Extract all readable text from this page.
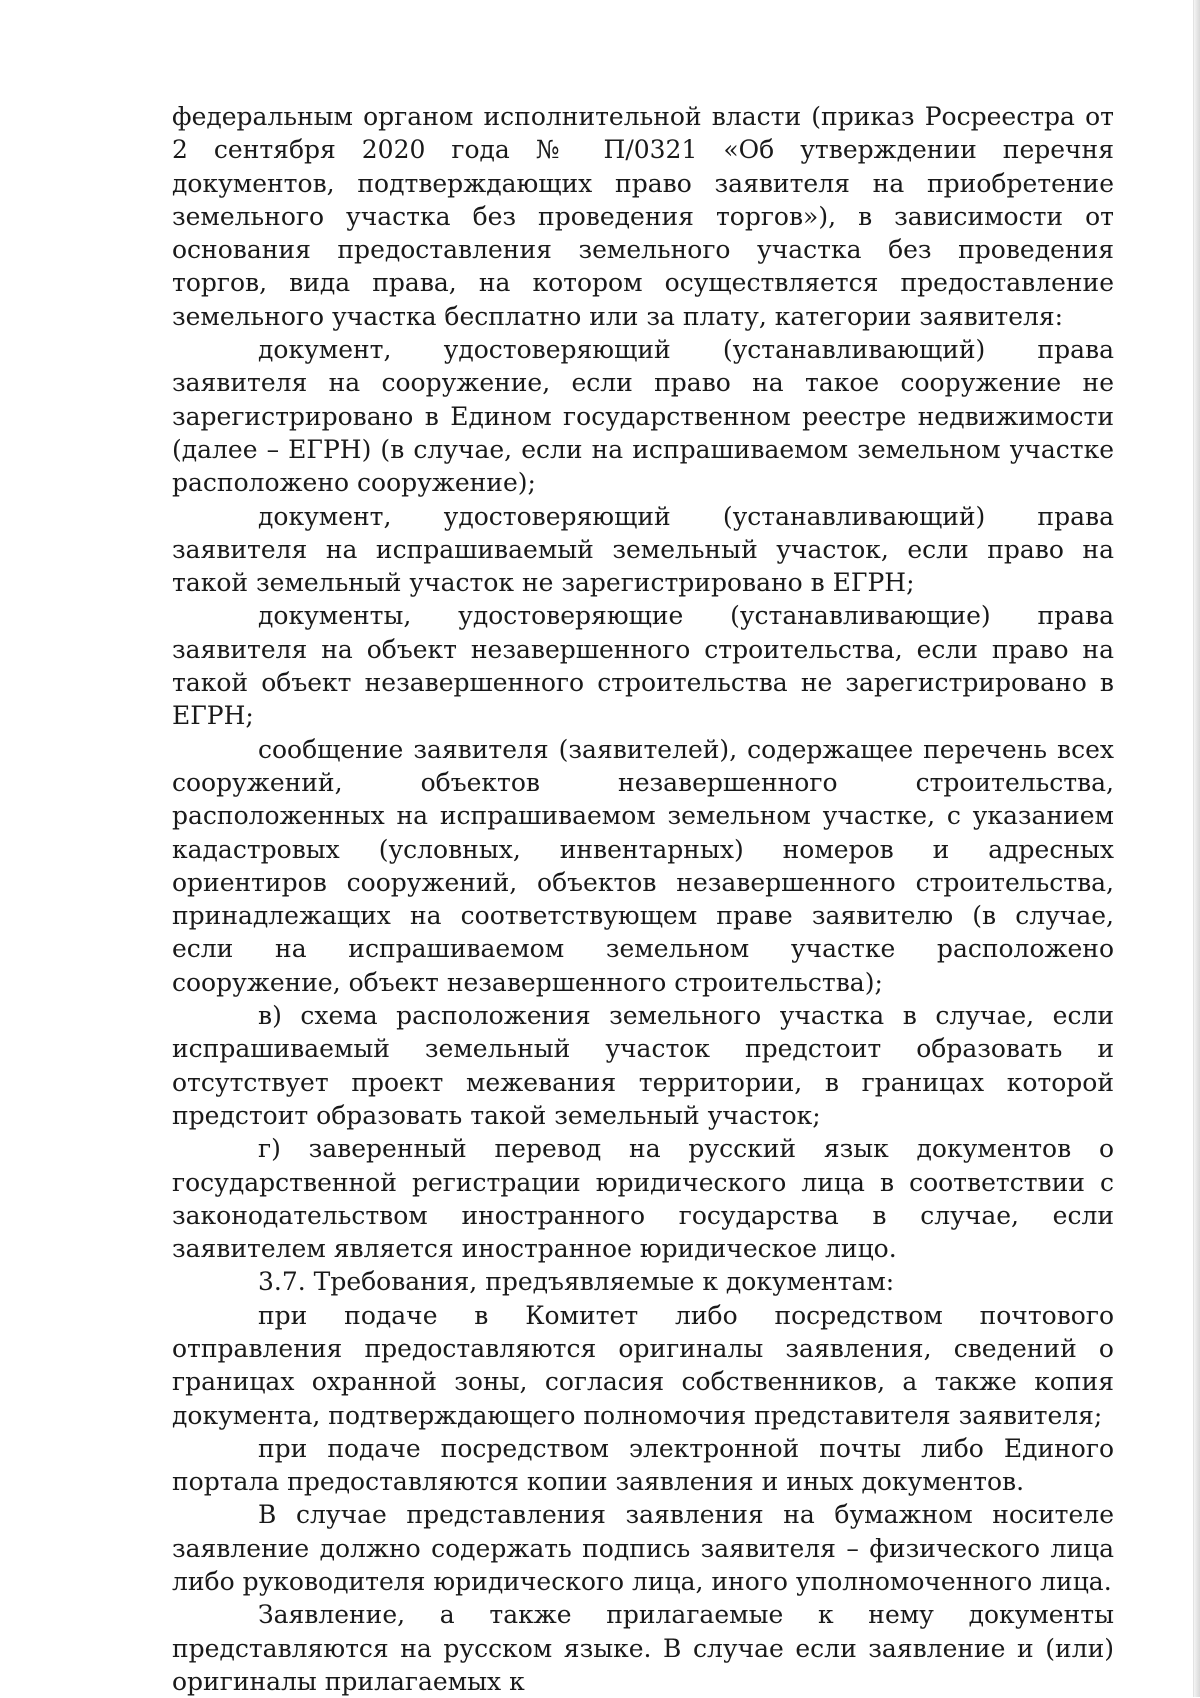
федеральным органом исполнительной власти (приказ Росреестра от 2 сентября 2020 года № П/0321 «Об утверждении перечня документов, подтверждающих право заявителя на приобретение земельного участка без проведения торгов»), в зависимости от основания предоставления земельного участка без проведения торгов, вида права, на котором осуществляется предоставление земельного участка бесплатно или за плату, категории заявителя:

документ, удостоверяющий (устанавливающий) права заявителя на сооружение, если право на такое сооружение не зарегистрировано в Едином государственном реестре недвижимости (далее – ЕГРН) (в случае, если на испрашиваемом земельном участке расположено сооружение);

документ, удостоверяющий (устанавливающий) права заявителя на испрашиваемый земельный участок, если право на такой земельный участок не зарегистрировано в ЕГРН;

документы, удостоверяющие (устанавливающие) права заявителя на объект незавершенного строительства, если право на такой объект незавершенного строительства не зарегистрировано в ЕГРН;

сообщение заявителя (заявителей), содержащее перечень всех сооружений, объектов незавершенного строительства, расположенных на испрашиваемом земельном участке, с указанием кадастровых (условных, инвентарных) номеров и адресных ориентиров сооружений, объектов незавершенного строительства, принадлежащих на соответствующем праве заявителю (в случае, если на испрашиваемом земельном участке расположено сооружение, объект незавершенного строительства);

в) схема расположения земельного участка в случае, если испрашиваемый земельный участок предстоит образовать и отсутствует проект межевания территории, в границах которой предстоит образовать такой земельный участок;

г) заверенный перевод на русский язык документов о государственной регистрации юридического лица в соответствии с законодательством иностранного государства в случае, если заявителем является иностранное юридическое лицо.

3.7. Требования, предъявляемые к документам:

при подаче в Комитет либо посредством почтового отправления предоставляются оригиналы заявления, сведений о границах охранной зоны, согласия собственников, а также копия документа, подтверждающего полномочия представителя заявителя;

при подаче посредством электронной почты либо Единого портала предоставляются копии заявления и иных документов.

В случае представления заявления на бумажном носителе заявление должно содержать подпись заявителя – физического лица либо руководителя юридического лица, иного уполномоченного лица.

Заявление, а также прилагаемые к нему документы представляются на русском языке. В случае если заявление и (или) оригиналы прилагаемых к
